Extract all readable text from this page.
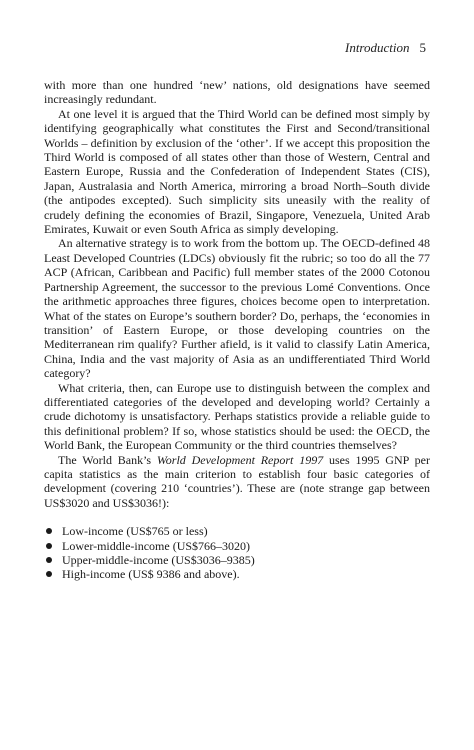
Introduction 5

with more than one hundred ‘new’ nations, old designations have seemed increasingly redundant.

At one level it is argued that the Third World can be defined most simply by identifying geographically what constitutes the First and Second/transitional Worlds – definition by exclusion of the ‘other’. If we accept this proposition the Third World is composed of all states other than those of Western, Central and Eastern Europe, Russia and the Confederation of Independent States (CIS), Japan, Australasia and North America, mirroring a broad North–South divide (the antipodes excepted). Such simplicity sits uneasily with the reality of crudely defining the economies of Brazil, Singapore, Venezuela, United Arab Emirates, Kuwait or even South Africa as simply developing.

An alternative strategy is to work from the bottom up. The OECD-defined 48 Least Developed Countries (LDCs) obviously fit the rubric; so too do all the 77 ACP (African, Caribbean and Pacific) full member states of the 2000 Cotonou Partnership Agreement, the successor to the previous Lomé Conventions. Once the arithmetic approaches three figures, choices become open to interpretation. What of the states on Europe’s southern border? Do, perhaps, the ‘economies in transition’ of Eastern Europe, or those developing countries on the Mediterranean rim qualify? Further afield, is it valid to classify Latin America, China, India and the vast majority of Asia as an undifferentiated Third World category?

What criteria, then, can Europe use to distinguish between the complex and differentiated categories of the developed and developing world? Certainly a crude dichotomy is unsatisfactory. Perhaps statistics provide a reliable guide to this definitional problem? If so, whose statistics should be used: the OECD, the World Bank, the European Community or the third countries themselves?

The World Bank’s World Development Report 1997 uses 1995 GNP per capita statistics as the main criterion to establish four basic categories of development (covering 210 ‘countries’). These are (note strange gap between US$3020 and US$3036!):

Low-income (US$765 or less)
Lower-middle-income (US$766–3020)
Upper-middle-income (US$3036–9385)
High-income (US$ 9386 and above).
